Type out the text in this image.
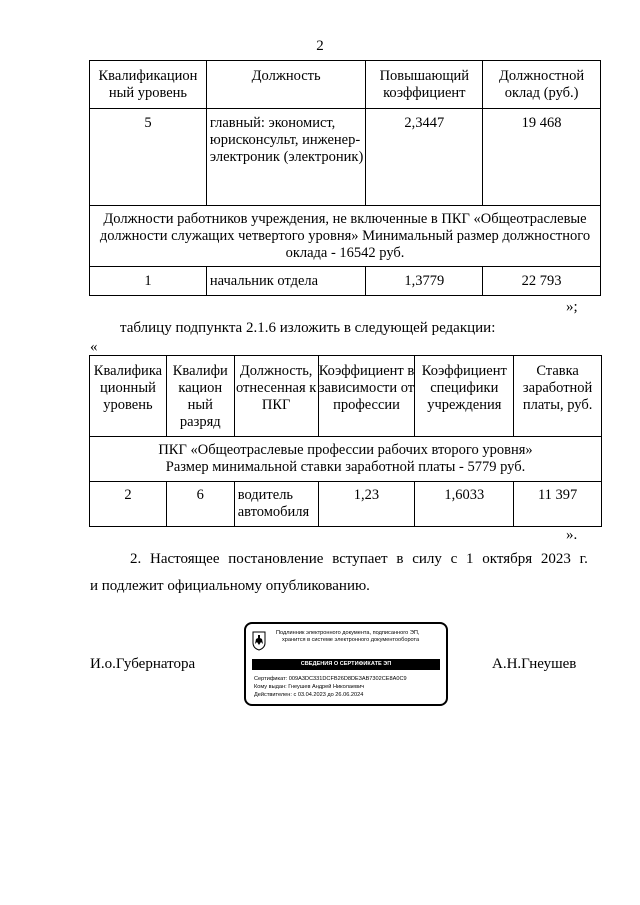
2
Квалификацион ный уровень	Должность	Повышающий коэффициент	Должностной оклад (руб.)
5	главный: экономист, юрисконсульт, инженер-электроник (электроник)	2,3447	19 468
Должности работников учреждения, не включенные в ПКГ «Общеотраслевые должности служащих четвертого уровня» Минимальный размер должностного оклада - 16542 руб.			
1	начальник отдела	1,3779	22 793
»;
таблицу подпункта 2.1.6 изложить в следующей редакции:
«
Квалифика ционный уровень	Квалифи кацион ный разряд	Должность, отнесенная к ПКГ	Коэффициент в зависимости от профессии	Коэффициент специфики учреждения	Ставка заработной платы, руб.
ПКГ «Общеотраслевые профессии рабочих второго уровня» Размер минимальной ставки заработной платы - 5779 руб.					
2	6	водитель автомобиля	1,23	1,6033	11 397
».
2. Настоящее постановление вступает в силу с 1 октября 2023 г.
и подлежит официальному опубликованию.
И.о.Губернатора	А.Н.Гнеушев
Подлинник электронного документа, подписанного ЭП,
хранится в системе электронного документооборота
СВЕДЕНИЯ О СЕРТИФИКАТЕ ЭП
Сертификат: 009A3DC331DCFB26D8DE3AB7302CE8A0C9
Кому выдан: Гнеушев Андрей Николаевич
Действителен: с 03.04.2023 до 26.06.2024
